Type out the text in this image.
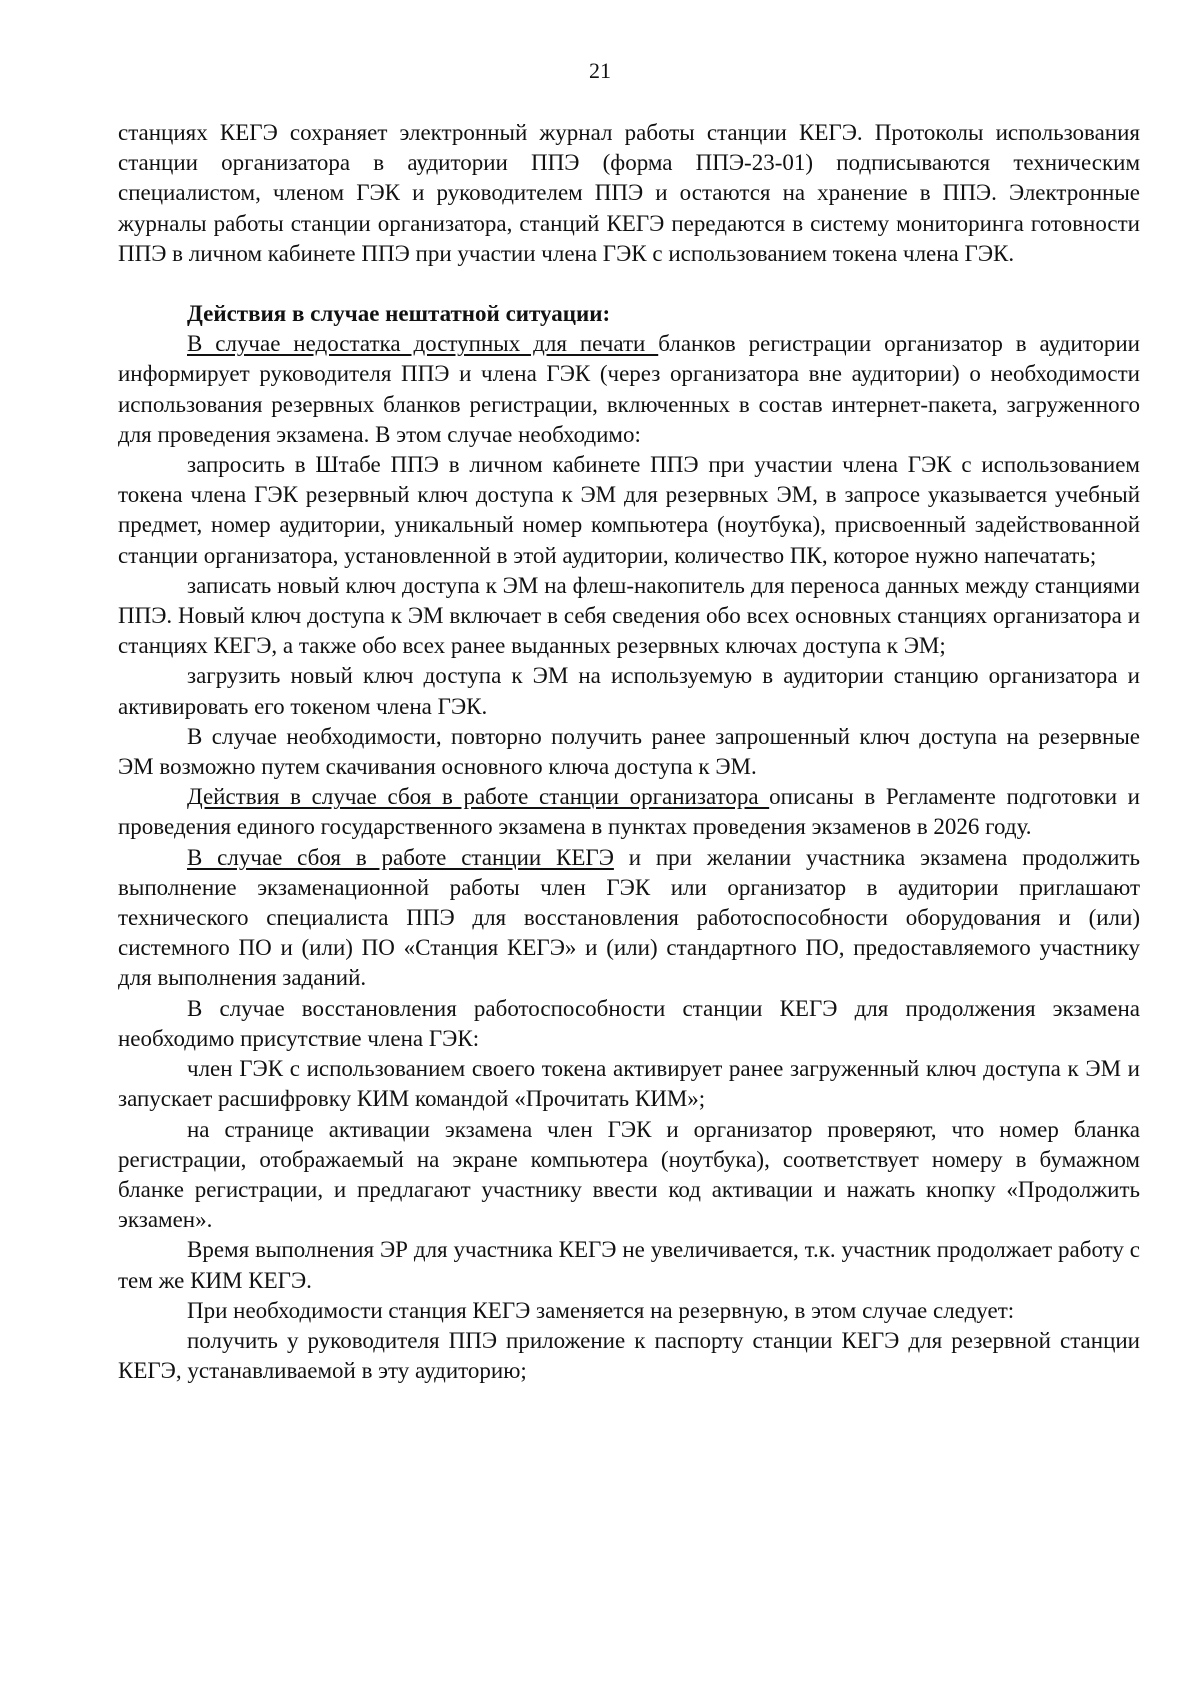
21

станциях КЕГЭ сохраняет электронный журнал работы станции КЕГЭ. Протоколы использования станции организатора в аудитории ППЭ (форма ППЭ-23-01) подписываются техническим специалистом, членом ГЭК и руководителем ППЭ и остаются на хранение в ППЭ. Электронные журналы работы станции организатора, станций КЕГЭ передаются в систему мониторинга готовности ППЭ в личном кабинете ППЭ при участии члена ГЭК с использованием токена члена ГЭК.

Действия в случае нештатной ситуации:

В случае недостатка доступных для печати бланков регистрации организатор в аудитории информирует руководителя ППЭ и члена ГЭК (через организатора вне аудитории) о необходимости использования резервных бланков регистрации, включенных в состав интернет-пакета, загруженного для проведения экзамена. В этом случае необходимо:

запросить в Штабе ППЭ в личном кабинете ППЭ при участии члена ГЭК с использованием токена члена ГЭК резервный ключ доступа к ЭМ для резервных ЭМ, в запросе указывается учебный предмет, номер аудитории, уникальный номер компьютера (ноутбука), присвоенный задействованной станции организатора, установленной в этой аудитории, количество ПК, которое нужно напечатать;

записать новый ключ доступа к ЭМ на флеш-накопитель для переноса данных между станциями ППЭ. Новый ключ доступа к ЭМ включает в себя сведения обо всех основных станциях организатора и станциях КЕГЭ, а также обо всех ранее выданных резервных ключах доступа к ЭМ;

загрузить новый ключ доступа к ЭМ на используемую в аудитории станцию организатора и активировать его токеном члена ГЭК.

В случае необходимости, повторно получить ранее запрошенный ключ доступа на резервные ЭМ возможно путем скачивания основного ключа доступа к ЭМ.

Действия в случае сбоя в работе станции организатора описаны в Регламенте подготовки и проведения единого государственного экзамена в пунктах проведения экзаменов в 2026 году.

В случае сбоя в работе станции КЕГЭ и при желании участника экзамена продолжить выполнение экзаменационной работы член ГЭК или организатор в аудитории приглашают технического специалиста ППЭ для восстановления работоспособности оборудования и (или) системного ПО и (или) ПО «Станция КЕГЭ» и (или) стандартного ПО, предоставляемого участнику для выполнения заданий.

В случае восстановления работоспособности станции КЕГЭ для продолжения экзамена необходимо присутствие члена ГЭК:

член ГЭК с использованием своего токена активирует ранее загруженный ключ доступа к ЭМ и запускает расшифровку КИМ командой «Прочитать КИМ»;

на странице активации экзамена член ГЭК и организатор проверяют, что номер бланка регистрации, отображаемый на экране компьютера (ноутбука), соответствует номеру в бумажном бланке регистрации, и предлагают участнику ввести код активации и нажать кнопку «Продолжить экзамен».

Время выполнения ЭР для участника КЕГЭ не увеличивается, т.к. участник продолжает работу с тем же КИМ КЕГЭ.

При необходимости станция КЕГЭ заменяется на резервную, в этом случае следует:

получить у руководителя ППЭ приложение к паспорту станции КЕГЭ для резервной станции КЕГЭ, устанавливаемой в эту аудиторию;
